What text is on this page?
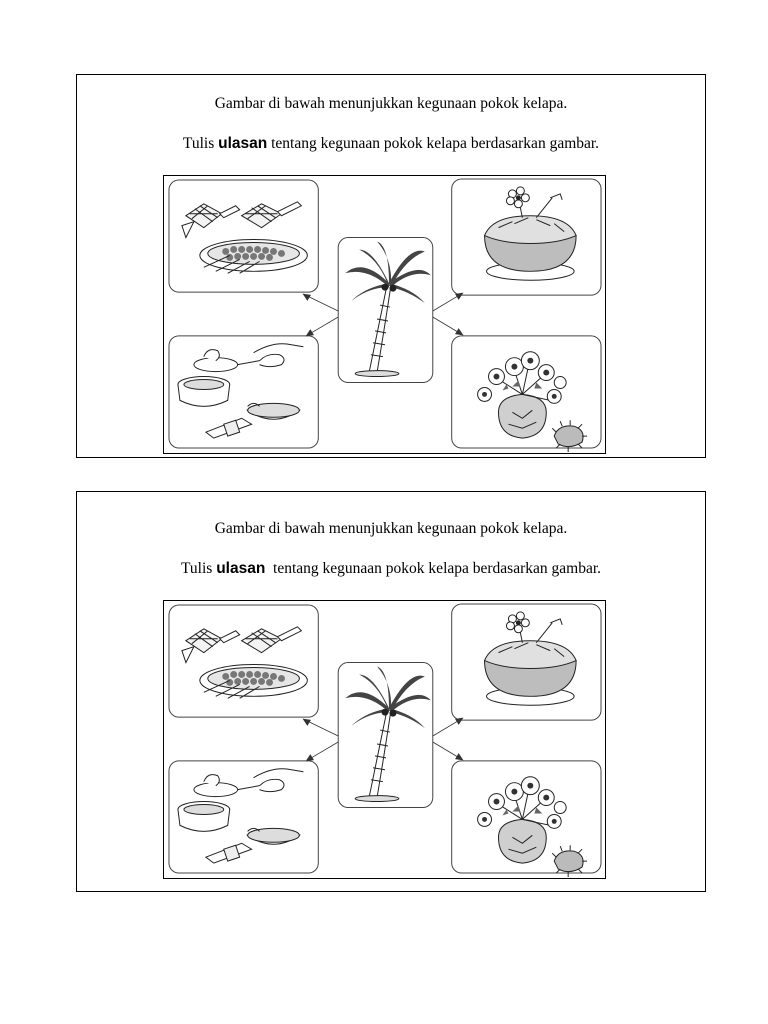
Gambar di bawah menunjukkan kegunaan pokok kelapa.
Tulis ulasan tentang kegunaan pokok kelapa berdasarkan gambar.
Gambar di bawah menunjukkan kegunaan pokok kelapa.
Tulis ulasan  tentang kegunaan pokok kelapa berdasarkan gambar.
